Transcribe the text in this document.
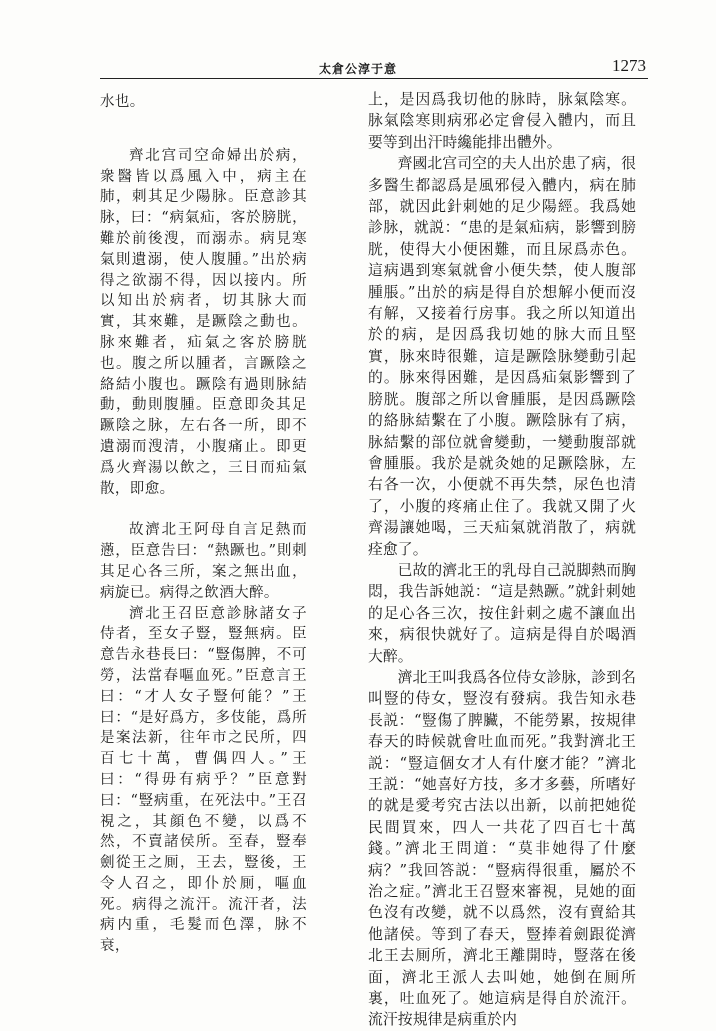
太倉公淳于意	1273

水也。

齊北宫司空命婦出於病，衆醫皆以爲風入中，病主在肺，刺其足少陽脉。臣意診其脉，曰：“病氣疝，客於膀胱，難於前後溲，而溺赤。病見寒氣則遺溺，使人腹腫。”出於病得之欲溺不得，因以接内。所以知出於病者，切其脉大而實，其來難，是蹶陰之動也。脉來難者，疝氣之客於膀胱也。腹之所以腫者，言蹶陰之絡結小腹也。蹶陰有過則脉結動，動則腹腫。臣意即灸其足蹶陰之脉，左右各一所，即不遺溺而溲清，小腹痛止。即更爲火齊湯以飲之，三日而疝氣散，即愈。

故濟北王阿母自言足熱而懣，臣意告曰：“熱蹶也。”則刺其足心各三所，案之無出血，病旋已。病得之飲酒大醉。

濟北王召臣意診脉諸女子侍者，至女子豎，豎無病。臣意告永巷長曰：“豎傷脾，不可勞，法當春嘔血死。”臣意言王曰：“才人女子豎何能？”王曰：“是好爲方，多伎能，爲所是案法新，往年市之民所，四百七十萬，曹偶四人。”王曰：“得毋有病乎？”臣意對曰：“豎病重，在死法中。”王召視之，其顔色不變，以爲不然，不賣諸侯所。至春，豎奉劍從王之厠，王去，豎後，王令人召之，即仆於厠，嘔血死。病得之流汗。流汗者，法病内重，毛髮而色澤，脉不衰，

上，是因爲我切他的脉時，脉氣陰寒。脉氣陰寒則病邪必定會侵入體内，而且要等到出汗時纔能排出體外。

齊國北宫司空的夫人出於患了病，很多醫生都認爲是風邪侵入體内，病在肺部，就因此針刺她的足少陽經。我爲她診脉，就説：“患的是氣疝病，影響到膀胱，使得大小便困難，而且尿爲赤色。這病遇到寒氣就會小便失禁，使人腹部腫脹。”出於的病是得自於想解小便而沒有解，又接着行房事。我之所以知道出於的病，是因爲我切她的脉大而且堅實，脉來時很難，這是蹶陰脉變動引起的。脉來得困難，是因爲疝氣影響到了膀胱。腹部之所以會腫脹，是因爲蹶陰的絡脉結繫在了小腹。蹶陰脉有了病，脉結繫的部位就會變動，一變動腹部就會腫脹。我於是就灸她的足蹶陰脉，左右各一次，小便就不再失禁，尿色也清了，小腹的疼痛止住了。我就又開了火齊湯讓她喝，三天疝氣就消散了，病就痊愈了。

已故的濟北王的乳母自己説脚熱而胸悶，我告訴她説：“這是熱蹶。”就針刺她的足心各三次，按住針刺之處不讓血出來，病很快就好了。這病是得自於喝酒大醉。

濟北王叫我爲各位侍女診脉，診到名叫豎的侍女，豎沒有發病。我告知永巷長説：“豎傷了脾臟，不能勞累，按規律春天的時候就會吐血而死。”我對濟北王説：“豎這個女才人有什麼才能？”濟北王説：“她喜好方技，多才多藝，所嗜好的就是愛考究古法以出新，以前把她從民間買來，四人一共花了四百七十萬錢。”濟北王問道：“莫非她得了什麼病？”我回答説：“豎病得很重，屬於不治之症。”濟北王召豎來審視，見她的面色沒有改變，就不以爲然，沒有賣給其他諸侯。等到了春天，豎捧着劍跟從濟北王去厠所，濟北王離開時，豎落在後面，濟北王派人去叫她，她倒在厠所裏，吐血死了。她這病是得自於流汗。流汗按規律是病重於内
